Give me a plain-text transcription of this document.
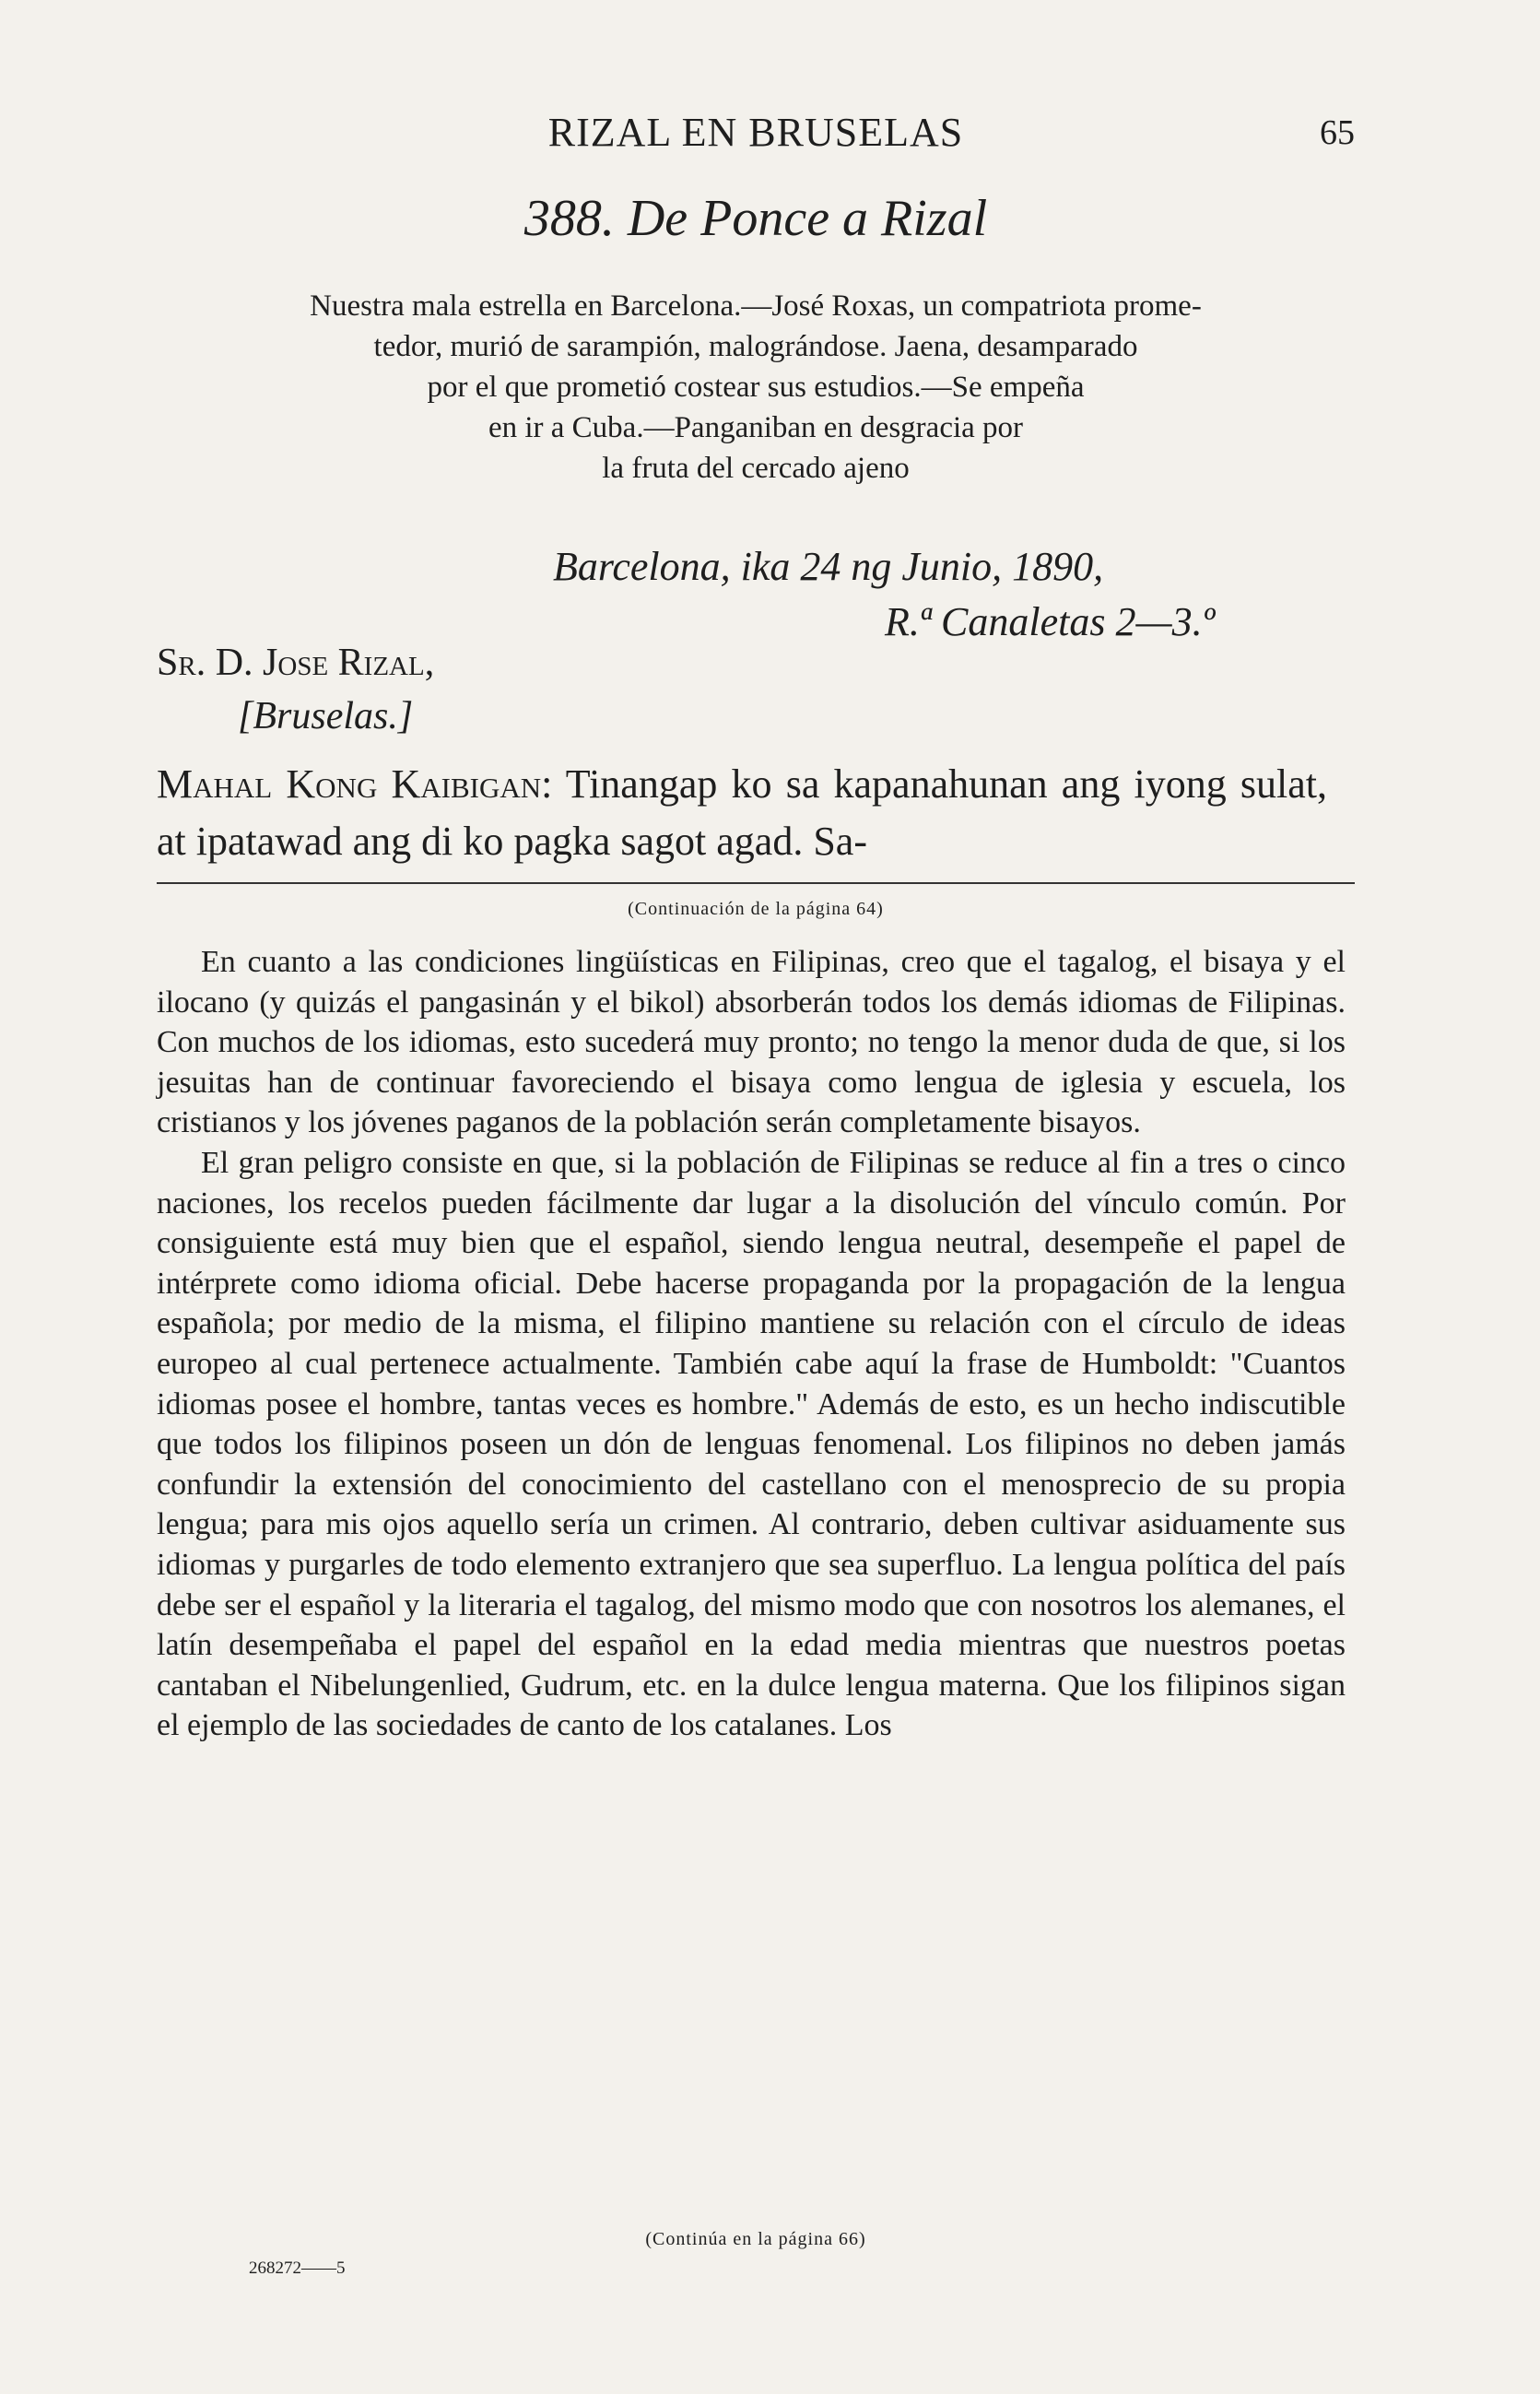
RIZAL EN BRUSELAS	65
388. De Ponce a Rizal
Nuestra mala estrella en Barcelona.—José Roxas, un compatriota prome-
tedor, murió de sarampión, malográndose. Jaena, desamparado
por el que prometió costear sus estudios.—Se empeña
en ir a Cuba.—Panganiban en desgracia por
la fruta del cercado ajeno
Barcelona, ika 24 ng Junio, 1890,
R.ª Canaletas 2—3.º
Sr. D. Jose Rizal,
[Bruselas.]
Mahal Kong Kaibigan: Tinangap ko sa kapanahunan ang iyong sulat, at ipatawad ang di ko pagka sagot agad. Sa-
(Continuación de la página 64)

En cuanto a las condiciones lingüísticas en Filipinas, creo que el tagalog, el bisaya y el ilocano (y quizás el pangasinán y el bikol) absorberán todos los demás idiomas de Filipinas. Con muchos de los idiomas, esto sucederá muy pronto; no tengo la menor duda de que, si los jesuitas han de continuar favoreciendo el bisaya como lengua de iglesia y escuela, los cristianos y los jóvenes paganos de la población serán completamente bisayos.

El gran peligro consiste en que, si la población de Filipinas se reduce al fin a tres o cinco naciones, los recelos pueden fácilmente dar lugar a la disolución del vínculo común. Por consiguiente está muy bien que el español, siendo lengua neutral, desempeñe el papel de intérprete como idioma oficial. Debe hacerse propaganda por la propagación de la lengua española; por medio de la misma, el filipino mantiene su relación con el círculo de ideas europeo al cual pertenece actualmente. También cabe aquí la frase de Humboldt: "Cuantos idiomas posee el hombre, tantas veces es hombre." Además de esto, es un hecho indiscutible que todos los filipinos poseen un dón de lenguas fenomenal. Los filipinos no deben jamás confundir la extensión del conocimiento del castellano con el menosprecio de su propia lengua; para mis ojos aquello sería un crimen. Al contrario, deben cultivar asiduamente sus idiomas y purgarles de todo elemento extranjero que sea superfluo. La lengua política del país debe ser el español y la literaria el tagalog, del mismo modo que con nosotros los alemanes, el latín desempeñaba el papel del español en la edad media mientras que nuestros poetas cantaban el Nibelungenlied, Gudrum, etc. en la dulce lengua materna. Que los filipinos sigan el ejemplo de las sociedades de canto de los catalanes. Los

(Continúa en la página 66)
268272——5
